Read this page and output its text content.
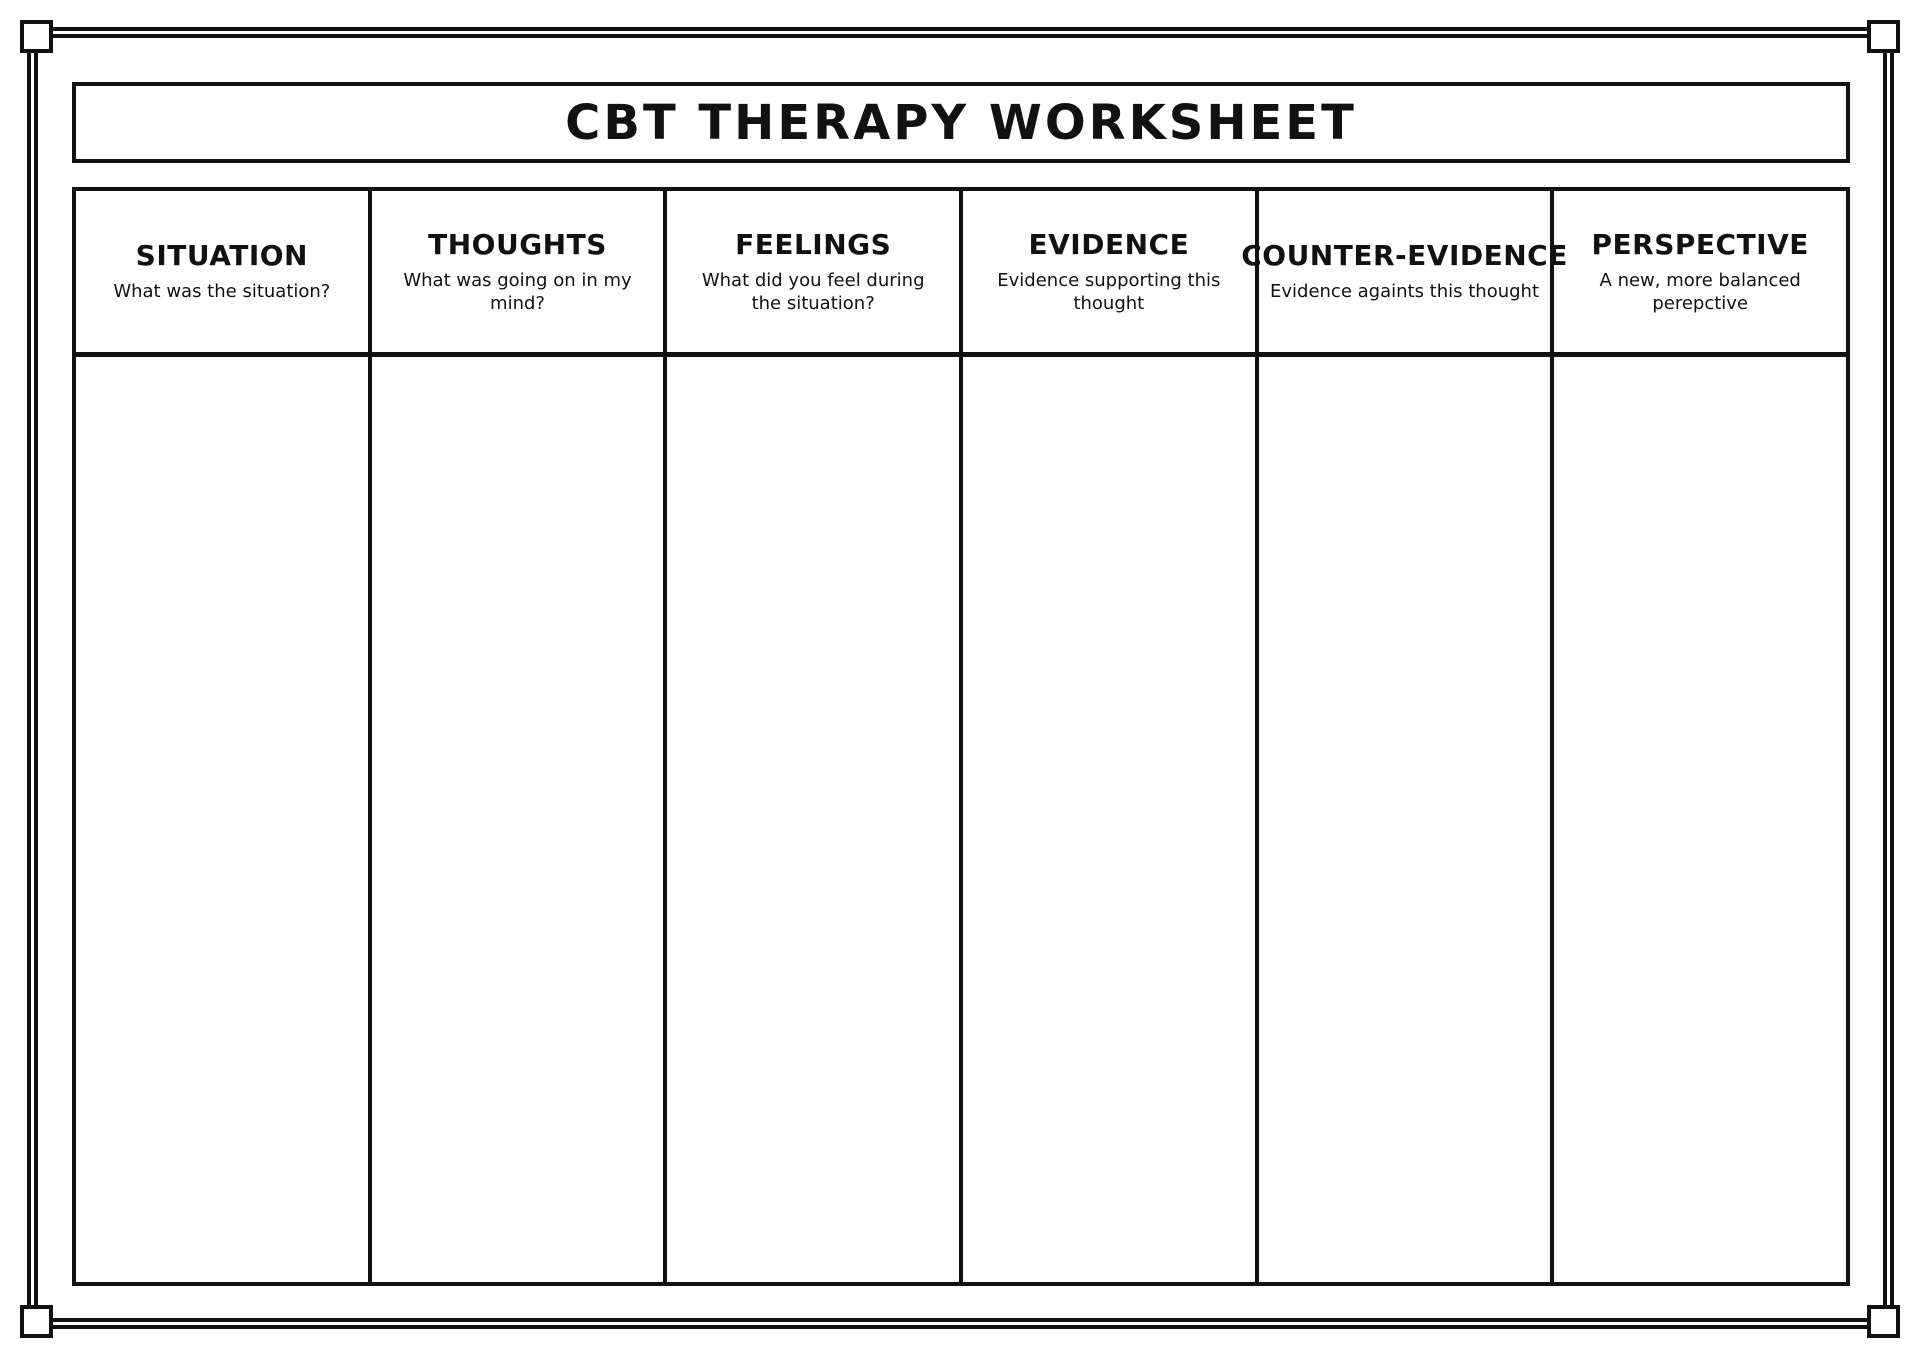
CBT THERAPY WORKSHEET
SITUATION
What was the situation?
THOUGHTS
What was going on in my mind?
FEELINGS
What did you feel during the situation?
EVIDENCE
Evidence supporting this thought
COUNTER-EVIDENCE
Evidence againts this thought
PERSPECTIVE
A new, more balanced perepctive
